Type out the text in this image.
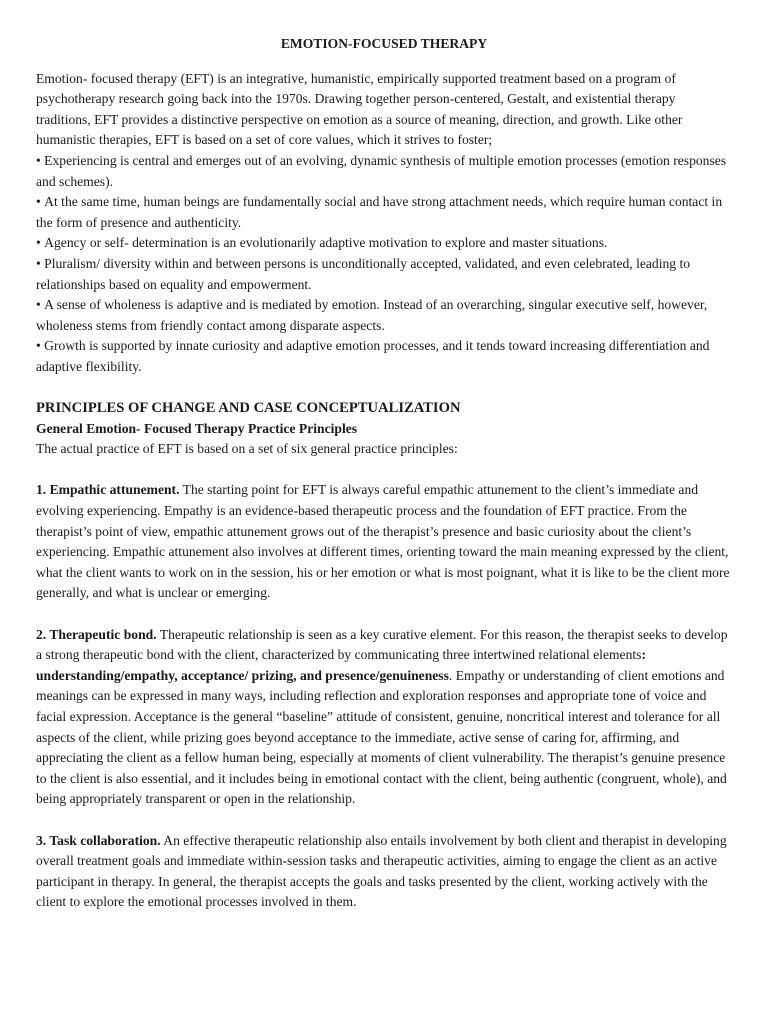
EMOTION-FOCUSED THERAPY

Emotion- focused therapy (EFT) is an integrative, humanistic, empirically supported treatment based on a program of psychotherapy research going back into the 1970s. Drawing together person-centered, Gestalt, and existential therapy traditions, EFT provides a distinctive perspective on emotion as a source of meaning, direction, and growth. Like other humanistic therapies, EFT is based on a set of core values, which it strives to foster;

• Experiencing is central and emerges out of an evolving, dynamic synthesis of multiple emotion processes (emotion responses and schemes).

• At the same time, human beings are fundamentally social and have strong attachment needs, which require human contact in the form of presence and authenticity.

• Agency or self- determination is an evolutionarily adaptive motivation to explore and master situations.

• Pluralism/ diversity within and between persons is unconditionally accepted, validated, and even celebrated, leading to relationships based on equality and empowerment.

• A sense of wholeness is adaptive and is mediated by emotion. Instead of an overarching, singular executive self, however, wholeness stems from friendly contact among disparate aspects.

• Growth is supported by innate curiosity and adaptive emotion processes, and it tends toward increasing differentiation and adaptive flexibility.

PRINCIPLES OF CHANGE AND CASE CONCEPTUALIZATION

General Emotion- Focused Therapy Practice Principles

The actual practice of EFT is based on a set of six general practice principles:

1. Empathic attunement. The starting point for EFT is always careful empathic attunement to the client’s immediate and evolving experiencing. Empathy is an evidence-based therapeutic process and the foundation of EFT practice. From the therapist’s point of view, empathic attunement grows out of the therapist’s presence and basic curiosity about the client’s experiencing. Empathic attunement also involves at different times, orienting toward the main meaning expressed by the client, what the client wants to work on in the session, his or her emotion or what is most poignant, what it is like to be the client more generally, and what is unclear or emerging.

2. Therapeutic bond. Therapeutic relationship is seen as a key curative element. For this reason, the therapist seeks to develop a strong therapeutic bond with the client, characterized by communicating three intertwined relational elements: understanding/empathy, acceptance/ prizing, and presence/genuineness. Empathy or understanding of client emotions and meanings can be expressed in many ways, including reflection and exploration responses and appropriate tone of voice and facial expression. Acceptance is the general “baseline” attitude of consistent, genuine, noncritical interest and tolerance for all aspects of the client, while prizing goes beyond acceptance to the immediate, active sense of caring for, affirming, and appreciating the client as a fellow human being, especially at moments of client vulnerability. The therapist’s genuine presence to the client is also essential, and it includes being in emotional contact with the client, being authentic (congruent, whole), and being appropriately transparent or open in the relationship.

3. Task collaboration. An effective therapeutic relationship also entails involvement by both client and therapist in developing overall treatment goals and immediate within-session tasks and therapeutic activities, aiming to engage the client as an active participant in therapy. In general, the therapist accepts the goals and tasks presented by the client, working actively with the client to explore the emotional processes involved in them.
